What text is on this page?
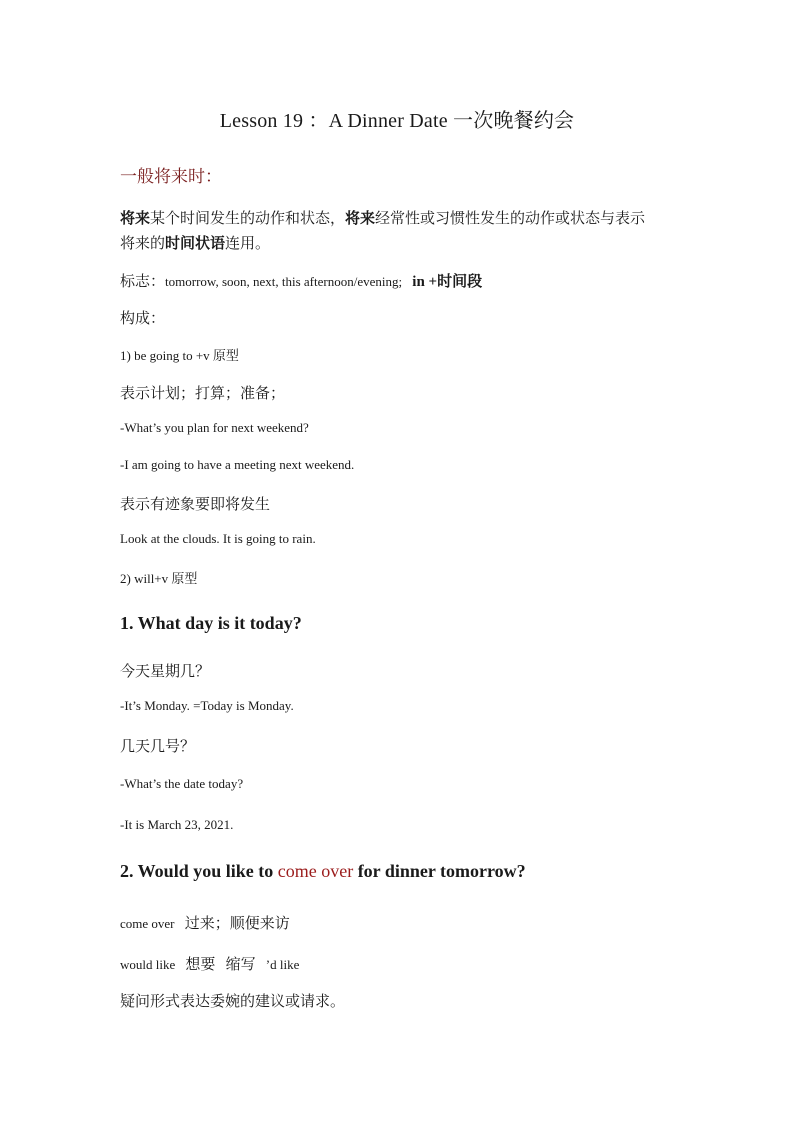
Lesson 19 ：A Dinner Date 一次晚餐约会
一般将来时：
将来某个时间发生的动作和状态，将来经常性或习惯性发生的动作或状态与表示
将来的时间状语连用。
标志：tomorrow, soon, next, this afternoon/evening; in +时间段
构成：
1) be going to +v 原型
表示计划；打算；准备；
-What’s you plan for next weekend?
-I am going to have a meeting next weekend.
表示有迹象要即将发生
Look at the clouds. It is going to rain.
2) will+v 原型
1. What day is it today?
今天星期几？
-It’s Monday. =Today is Monday.
几天几号？
-What’s the date today?
-It is March 23, 2021.
2. Would you like to come over for dinner tomorrow?
come over 过来；顺便来访
would like 想要 缩写 ’d like
疑问形式表达委婉的建议或请求。
